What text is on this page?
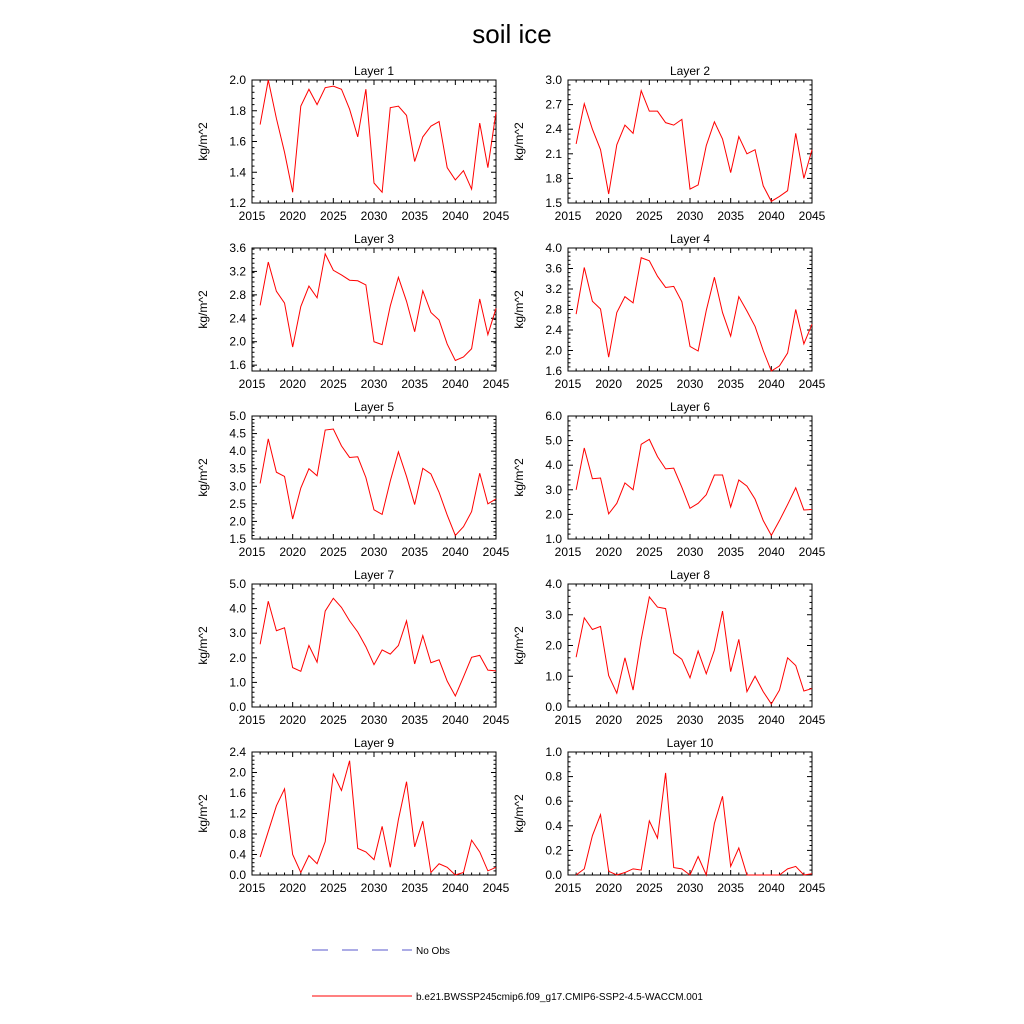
soil ice
Layer 1
kg/m^2
2015 2020 2025 2030 2035 2040 2045
1.2
1.4
1.6
1.8
2.0
Layer 2
kg/m^2
2015 2020 2025 2030 2035 2040 2045
1.5
1.8
2.1
2.4
2.7
3.0
Layer 3
kg/m^2
2015 2020 2025 2030 2035 2040 2045
1.6
2.0
2.4
2.8
3.2
3.6
Layer 4
kg/m^2
2015 2020 2025 2030 2035 2040 2045
1.6
2.0
2.4
2.8
3.2
3.6
4.0
Layer 5
kg/m^2
2015 2020 2025 2030 2035 2040 2045
1.5
2.0
2.5
3.0
3.5
4.0
4.5
5.0
Layer 6
kg/m^2
2015 2020 2025 2030 2035 2040 2045
1.0
2.0
3.0
4.0
5.0
6.0
Layer 7
kg/m^2
2015 2020 2025 2030 2035 2040 2045
0.0
1.0
2.0
3.0
4.0
5.0
Layer 8
kg/m^2
2015 2020 2025 2030 2035 2040 2045
0.0
1.0
2.0
3.0
4.0
Layer 9
kg/m^2
2015 2020 2025 2030 2035 2040 2045
0.0
0.4
0.8
1.2
1.6
2.0
2.4
Layer 10
kg/m^2
2015 2020 2025 2030 2035 2040 2045
0.0
0.2
0.4
0.6
0.8
1.0
No Obs
b.e21.BWSSP245cmip6.f09_g17.CMIP6-SSP2-4.5-WACCM.001
